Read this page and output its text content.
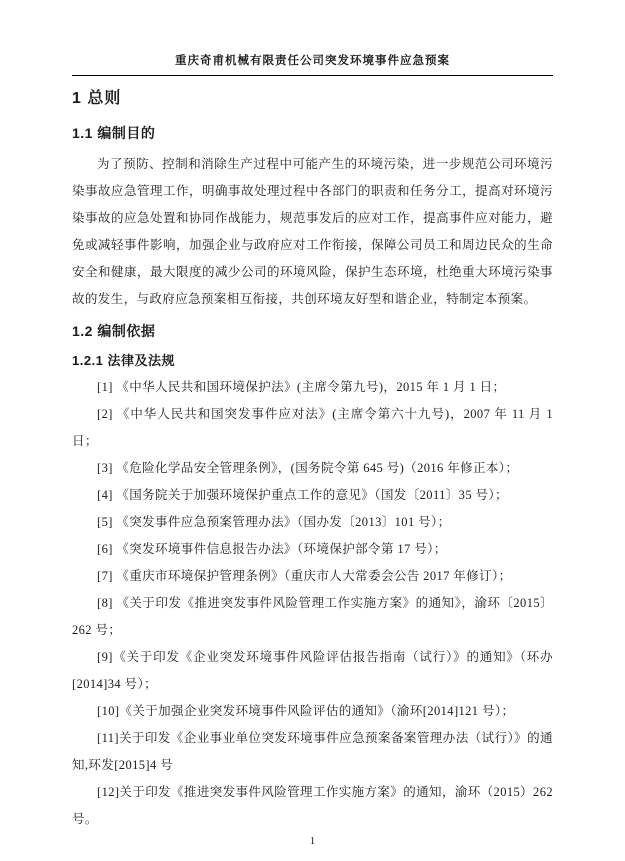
重庆奇甫机械有限责任公司突发环境事件应急预案
1 总则
1.1 编制目的

为了预防、控制和消除生产过程中可能产生的环境污染，进一步规范公司环境污染事故应急管理工作，明确事故处理过程中各部门的职责和任务分工，提高对环境污染事故的应急处置和协同作战能力，规范事发后的应对工作，提高事件应对能力，避免或减轻事件影响，加强企业与政府应对工作衔接，保障公司员工和周边民众的生命安全和健康，最大限度的减少公司的环境风险，保护生态环境，杜绝重大环境污染事故的发生，与政府应急预案相互衔接，共创环境友好型和谐企业，特制定本预案。

1.2 编制依据
1.2.1 法律及法规

[1] 《中华人民共和国环境保护法》(主席令第九号)，2015 年 1 月 1 日；

[2] 《中华人民共和国突发事件应对法》(主席令第六十九号)，2007 年 11 月 1 日；

[3] 《危险化学品安全管理条例》，(国务院令第 645 号)（2016 年修正本）；

[4] 《国务院关于加强环境保护重点工作的意见》（国发〔2011〕35 号）；

[5] 《突发事件应急预案管理办法》（国办发〔2013〕101 号）；

[6] 《突发环境事件信息报告办法》（环境保护部令第 17 号）；

[7] 《重庆市环境保护管理条例》（重庆市人大常委会公告 2017 年修订）；

[8] 《关于印发《推进突发事件风险管理工作实施方案》的通知》，渝环〔2015〕262 号；

[9]《关于印发《企业突发环境事件风险评估报告指南（试行）》的通知》（环办[2014]34 号）；

[10]《关于加强企业突发环境事件风险评估的通知》（渝环[2014]121 号）；

[11]关于印发《企业事业单位突发环境事件应急预案备案管理办法（试行）》的通知,环发[2015]4 号

[12]关于印发《推进突发事件风险管理工作实施方案》的通知，渝环（2015）262 号。

1
